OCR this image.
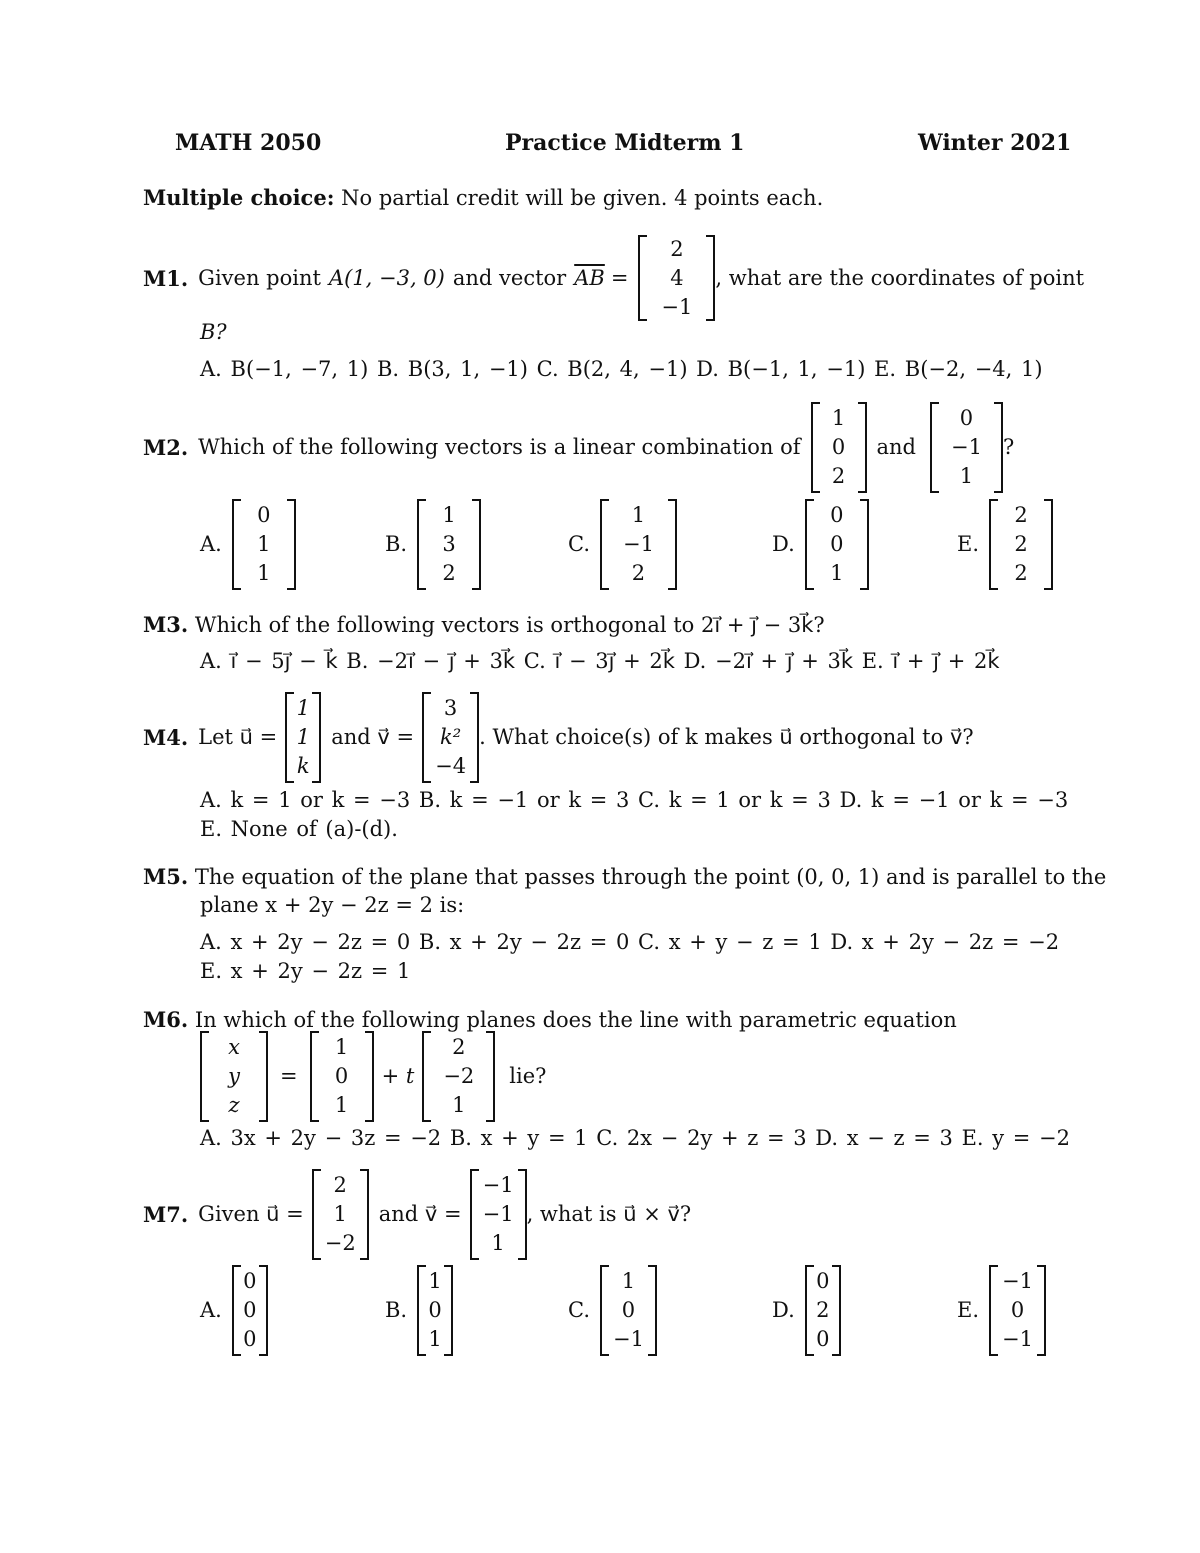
MATH 2050	Practice Midterm 1	Winter 2021
Multiple choice: No partial credit will be given. 4 points each.
M1. Given point A(1, −3, 0) and vector $\overline{AB}$ =
2
4
−1
, what are the coordinates of point
B?
A. B(−1, −7, 1) B. B(3, 1, −1) C. B(2, 4, −1) D. B(−1, 1, −1) E. B(−2, −4, 1)
M2. Which of the following vectors is a linear combination of
1
0
2
and
0
−1
1
?
A.
0
1
1
B.
1
3
2
C.
1
−1
2
D.
0
0
1
E.
2
2
2
M3. Which of the following vectors is orthogonal to 2ı⃗ + ȷ⃗ − 3k⃗?
A. ı⃗ − 5ȷ⃗ − k⃗ B. −2ı⃗ − ȷ⃗ + 3k⃗ C. ı⃗ − 3ȷ⃗ + 2k⃗ D. −2ı⃗ + ȷ⃗ + 3k⃗ E. ı⃗ + ȷ⃗ + 2k⃗
M4. Let u⃗ =
1
1
k
and v⃗ =
3
k²
−4
. What choice(s) of k makes u⃗ orthogonal to v⃗?
A. k = 1 or k = −3 B. k = −1 or k = 3 C. k = 1 or k = 3 D. k = −1 or k = −3
E. None of (a)-(d).
M5. The equation of the plane that passes through the point (0, 0, 1) and is parallel to the
plane x + 2y − 2z = 2 is:
A. x + 2y − 2z = 0 B. x + 2y − 2z = 0 C. x + y − z = 1 D. x + 2y − 2z = −2
E. x + 2y − 2z = 1
M6. In which of the following planes does the line with parametric equation
x
y
z
=
1
0
1
+ t
2
−2
1
lie?
A. 3x + 2y − 3z = −2 B. x + y = 1 C. 2x − 2y + z = 3 D. x − z = 3 E. y = −2
M7. Given u⃗ =
2
1
−2
and v⃗ =
−1
−1
1
, what is u⃗ × v⃗?
A.
0
0
0
B.
1
0
1
C.
1
0
−1
D.
0
2
0
E.
−1
0
−1
